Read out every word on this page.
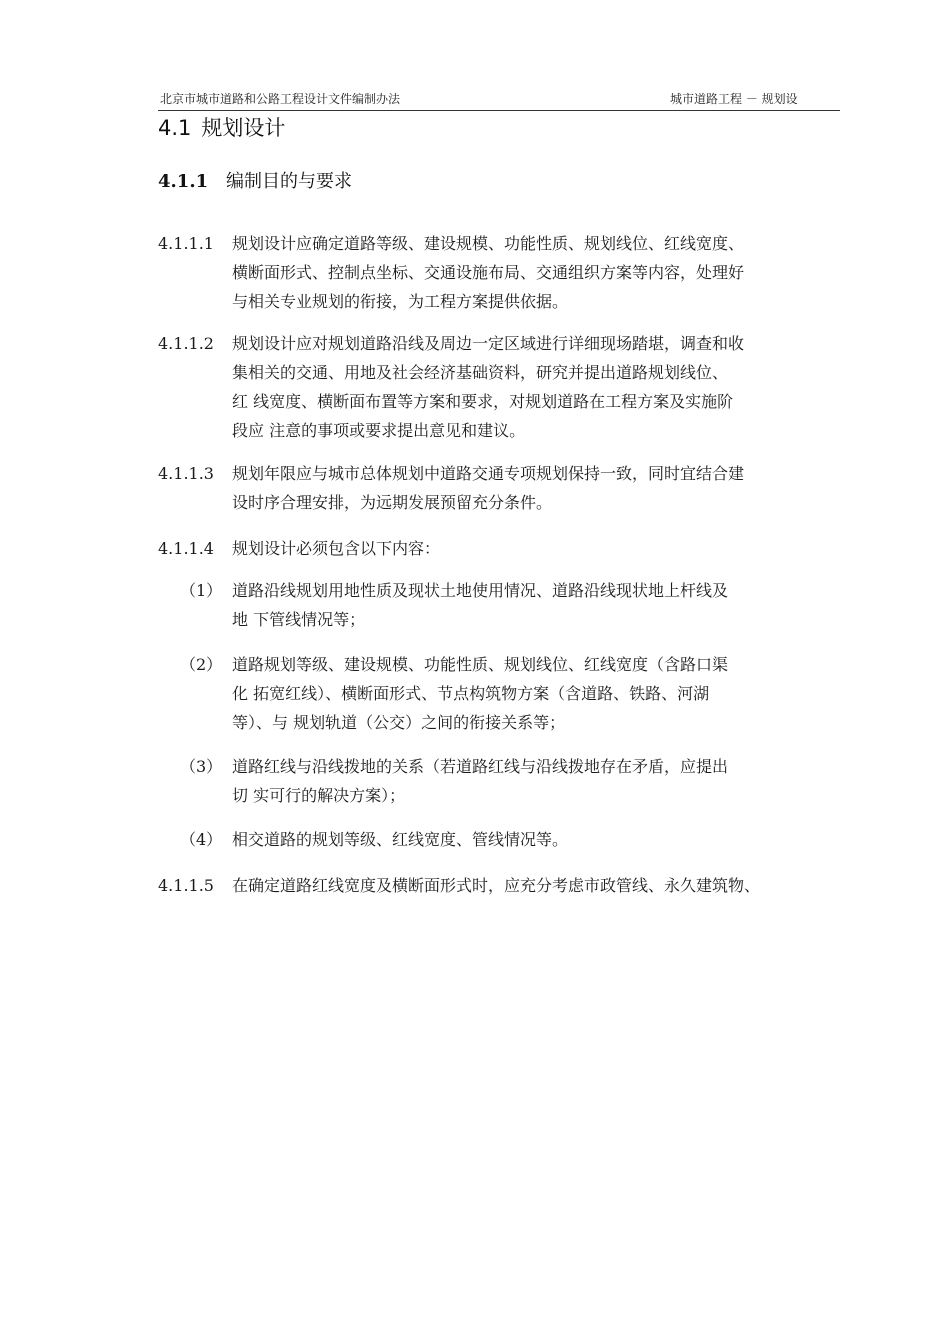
北京市城市道路和公路工程设计文件编制办法	城市道路工程 － 规划设
4.1 规划设计
4.1.1 编制目的与要求
4.1.1.1 规划设计应确定道路等级、建设规模、功能性质、规划线位、红线宽度、
横断面形式、控制点坐标、交通设施布局、交通组织方案等内容，处理好
与相关专业规划的衔接，为工程方案提供依据。
4.1.1.2 规划设计应对规划道路沿线及周边一定区域进行详细现场踏堪，调查和收
集相关的交通、用地及社会经济基础资料，研究并提出道路规划线位、
红 线宽度、横断面布置等方案和要求，对规划道路在工程方案及实施阶
段应 注意的事项或要求提出意见和建议。
4.1.1.3 规划年限应与城市总体规划中道路交通专项规划保持一致，同时宜结合建
设时序合理安排，为远期发展预留充分条件。
4.1.1.4 规划设计必须包含以下内容：
（1） 道路沿线规划用地性质及现状土地使用情况、道路沿线现状地上杆线及
地 下管线情况等；
（2） 道路规划等级、建设规模、功能性质、规划线位、红线宽度（含路口渠
化 拓宽红线）、横断面形式、节点构筑物方案（含道路、铁路、河湖
等）、与 规划轨道（公交）之间的衔接关系等；
（3） 道路红线与沿线拨地的关系（若道路红线与沿线拨地存在矛盾，应提出
切 实可行的解决方案）；
（4） 相交道路的规划等级、红线宽度、管线情况等。
4.1.1.5 在确定道路红线宽度及横断面形式时，应充分考虑市政管线、永久建筑物、
